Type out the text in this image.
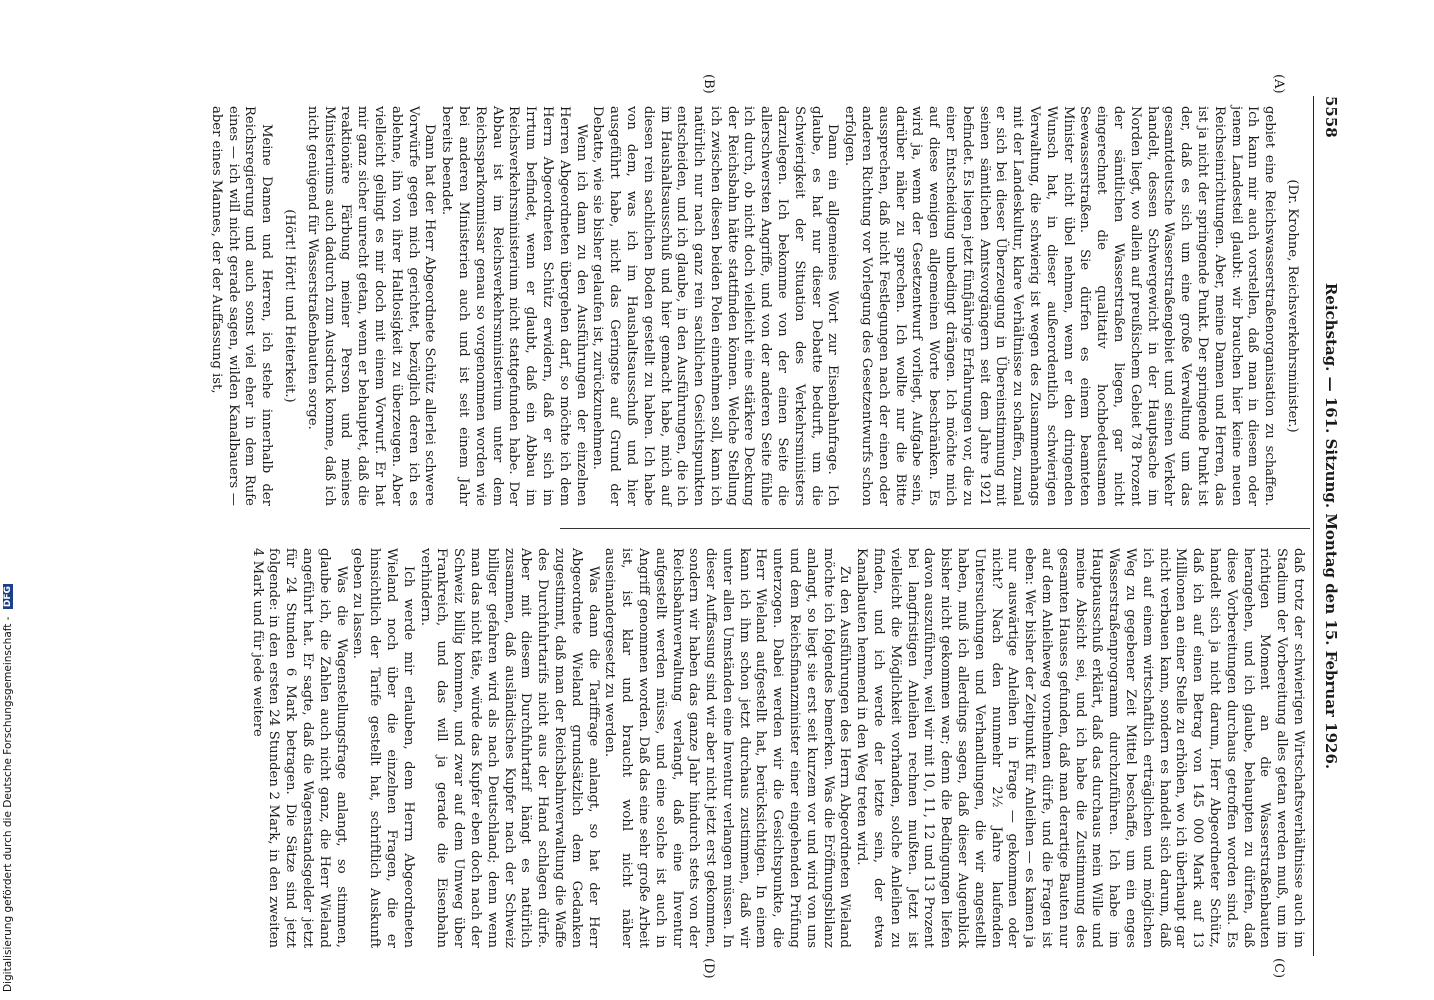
5558
Reichstag. — 161. Sitzung. Montag den 15. Februar 1926.
(A)
(B)
(C)
(D)

(Dr. Krohne, Reichsverkehrsminister.)

gebiet eine Reichswasserstraßenorganisation zu schaffen. Ich kann mir auch vorstellen, daß man in diesem oder jenem Landesteil glaubt: wir brauchen hier keine neuen Reichseinrichtungen. Aber, meine Damen und Herren, das ist ja nicht der springende Punkt. Der springende Punkt ist der, daß es sich um eine große Verwaltung um das gesamtdeutsche Wasserstraßengebiet und seinen Verkehr handelt, dessen Schwergewicht in der Hauptsache im Norden liegt, wo allein auf preußischem Gebiet 78 Prozent der sämtlichen Wasserstraßen liegen, gar nicht eingerechnet die qualitativ hochbedeutsamen Seewasserstraßen. Sie dürfen es einem beamteten Minister nicht übel nehmen, wenn er den dringenden Wunsch hat, in dieser außerordentlich schwierigen Verwaltung, die schwierig ist wegen des Zusammenhangs mit der Landeskultur, klare Verhältnisse zu schaffen, zumal er sich bei dieser Überzeugung in Übereinstimmung mit seinen sämtlichen Amtsvorgängern seit dem Jahre 1921 befindet. Es liegen jetzt fünfjährige Erfahrungen vor, die zu einer Entscheidung unbedingt drängen. Ich möchte mich auf diese wenigen allgemeinen Worte beschränken. Es wird ja, wenn der Gesetzentwurf vorliegt, Aufgabe sein, darüber näher zu sprechen. Ich wollte nur die Bitte aussprechen, daß nicht Festlegungen nach der einen oder anderen Richtung vor Vorlegung des Gesetzentwurfs schon erfolgen.

Dann ein allgemeines Wort zur Eisenbahnfrage. Ich glaube, es hat nur dieser Debatte bedurft, um die Schwierigkeit der Situation des Verkehrsministers darzulegen. Ich bekomme von der einen Seite die allerschwersten Angriffe, und von der anderen Seite fühle ich durch, ob nicht doch vielleicht eine stärkere Deckung der Reichsbahn hätte stattfinden können. Welche Stellung ich zwischen diesen beiden Polen einnehmen soll, kann ich natürlich nur nach ganz rein sachlichen Gesichtspunkten entscheiden, und ich glaube, in den Ausführungen, die ich im Haushaltsausschuß und hier gemacht habe, mich auf diesen rein sachlichen Boden gestellt zu haben. Ich habe von dem, was ich im Haushaltsausschuß und hier ausgeführt habe, nicht das Geringste auf Grund der Debatte, wie sie bisher gelaufen ist, zurückzunehmen.

Wenn ich dann zu den Ausführungen der einzelnen Herren Abgeordneten übergehen darf, so möchte ich dem Herrn Abgeordneten Schütz erwidern, daß er sich im Irrtum befindet, wenn er glaubt, daß ein Abbau im Reichsverkehrsministerium nicht stattgefunden habe. Der Abbau ist im Reichsverkehrsministerium unter dem Reichssparkommissar genau so vorgenommen worden wie bei anderen Ministerien auch und ist seit einem Jahr bereits beendet.

Dann hat der Herr Abgeordnete Schütz allerlei schwere Vorwürfe gegen mich gerichtet, bezüglich deren ich es ablehne, ihn von ihrer Haltlosigkeit zu überzeugen. Aber vielleicht gelingt es mir doch mit einem Vorwurf. Er hat mir ganz sicher unrecht getan, wenn er behauptet, daß die reaktionäre Färbung meiner Person und meines Ministeriums auch dadurch zum Ausdruck komme, daß ich nicht genügend für Wasserstraßenbauten sorge.

(Hört! Hört! und Heiterkeit.)

Meine Damen und Herren, ich stehe innerhalb der Reichsregierung und auch sonst viel eher in dem Rufe eines — ich will nicht gerade sagen, wilden Kanalbauers — aber eines Mannes, der der Auffassung ist,

daß trotz der schwierigen Wirtschaftsverhältnisse auch im Stadium der Vorbereitung alles getan werden muß, um im richtigen Moment an die Wasserstraßenbauten herangehen, und ich glaube, behaupten zu dürfen, daß diese Vorbereitungen durchaus getroffen worden sind. Es handelt sich ja nicht darum, Herr Abgeordneter Schütz, daß ich auf einen Betrag von 145 000 Mark auf 13 Millionen an einer Stelle zu erhöhen, wo ich überhaupt gar nicht verbauen kann, sondern es handelt sich darum, daß ich auf einem wirtschaftlich erträglichen und möglichen Weg zu gegebener Zeit Mittel beschaffe, um ein enges Wasserstraßenprogramm durchzuführen. Ich habe im Hauptausschuß erklärt, daß das durchaus mein Wille und meine Absicht sei, und ich habe die Zustimmung des gesamten Hauses gefunden, daß man derartige Bauten nur auf dem Anleiheweg vornehmen dürfe, und die Fragen ist eben: Wer bisher der Zeitpunkt für Anleihen — es kamen ja nur auswärtige Anleihen in Frage — gekommen oder nicht? Nach den nunmehr 2½ Jahre laufenden Untersuchungen und Verhandlungen, die wir angestellt haben, muß ich allerdings sagen, daß dieser Augenblick bisher nicht gekommen war; denn die Bedingungen liefen davon auszuführen, weil wir mit 10, 11, 12 und 13 Prozent bei langfristigen Anleihen rechnen mußten. Jetzt ist vielleicht die Möglichkeit vorhanden, solche Anleihen zu finden, und ich werde der letzte sein, der etwa Kanalbauten hemmend in den Weg treten wird.

Zu den Ausführungen des Herrn Abgeordneten Wieland möchte ich folgendes bemerken. Was die Eröffnungsbilanz anlangt, so liegt sie erst seit kurzem vor und wird von uns und dem Reichsfinanzminister einer eingehenden Prüfung unterzogen. Dabei werden wir die Gesichtspunkte, die Herr Wieland aufgestellt hat, berücksichtigen. In einem kann ich ihm schon jetzt durchaus zustimmen, daß wir unter allen Umständen eine Inventur verlangen müssen. In dieser Auffassung sind wir aber nicht jetzt erst gekommen, sondern wir haben das ganze Jahr hindurch stets von der Reichsbahnverwaltung verlangt, daß eine Inventur aufgestellt werden müsse, und eine solche ist auch in Angriff genommen worden. Daß das eine sehr große Arbeit ist, ist klar und braucht wohl nicht näher auseinandergesetzt zu werden.

Was dann die Tariffrage anlangt, so hat der Herr Abgeordnete Wieland grundsätzlich dem Gedanken zugestimmt, daß man der Reichsbahnverwaltung die Waffe des Durchfuhrtarifs nicht aus der Hand schlagen dürfe. Aber mit diesem Durchfuhrtarif hängt es natürlich zusammen, daß ausländisches Kupfer nach der Schweiz billiger gefahren wird als nach Deutschland; denn wenn man das nicht täte, würde das Kupfer eben doch nach der Schweiz billig kommen, und zwar auf dem Umweg über Frankreich, und das will ja gerade die Eisenbahn verhindern.

Ich werde mir erlauben, dem Herrn Abgeordneten Wieland noch über die einzelnen Fragen, die er hinsichtlich der Tarife gestellt hat, schriftlich Auskunft geben zu lassen.

Was die Wagenstellungsfrage anlangt, so stimmen, glaube ich, die Zahlen auch nicht ganz, die Herr Wieland angeführt hat. Er sagte, daß die Wagenstandsgelder jetzt für 24 Stunden 6 Mark betragen. Die Sätze sind jetzt folgende: in den ersten 24 Stunden 2 Mark, in den zweiten 4 Mark und für jede weitere

Digitalisierung gefördert durch die Deutsche Forschungsgemeinschaft - DFG
